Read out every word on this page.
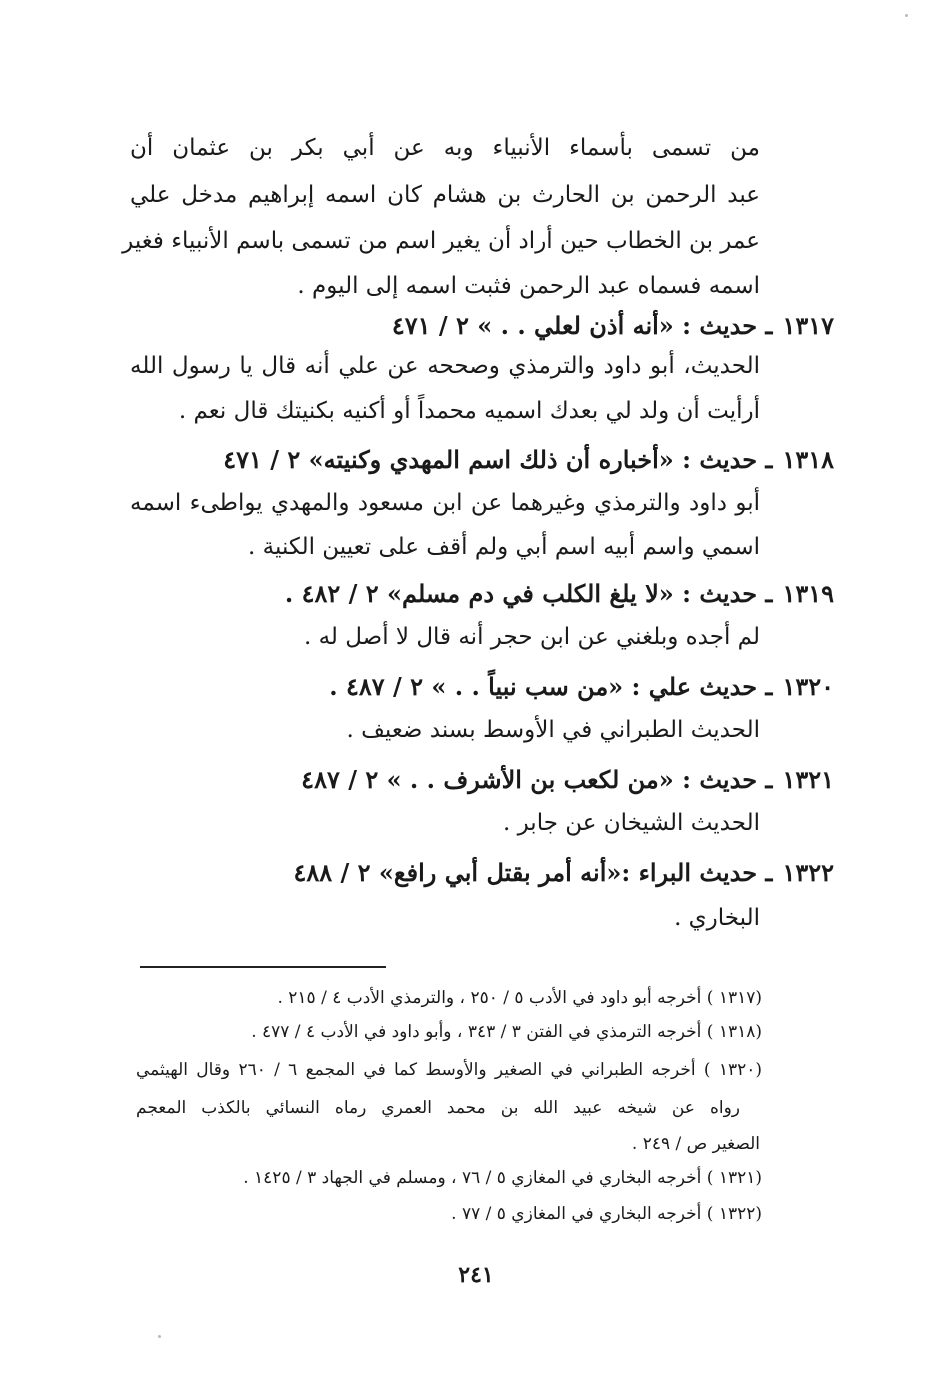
من تسمى بأسماء الأنبياء وبه عن أبي بكر بن عثمان أن
عبد الرحمن بن الحارث بن هشام كان اسمه إبراهيم مدخل علي
عمر بن الخطاب حين أراد أن يغير اسم من تسمى باسم الأنبياء فغير
اسمه فسماه عبد الرحمن فثبت اسمه إلى اليوم .
١٣١٧ـ حديث : «أنه أذن لعلي . . » ٢ / ٤٧١
الحديث، أبو داود والترمذي وصححه عن علي أنه قال يا رسول الله
أرأيت أن ولد لي بعدك اسميه محمداً أو أكنيه بكنيتك قال نعم .
١٣١٨ـ حديث : «أخباره أن ذلك اسم المهدي وكنيته» ٢ / ٤٧١
أبو داود والترمذي وغيرهما عن ابن مسعود والمهدي يواطىء اسمه
اسمي واسم أبيه اسم أبي ولم أقف على تعيين الكنية .
١٣١٩ـ حديث : «لا يلغ الكلب في دم مسلم» ٢ / ٤٨٢ .
لم أجده وبلغني عن ابن حجر أنه قال لا أصل له .
١٣٢٠ـ حديث علي : «من سب نبياً . . » ٢ / ٤٨٧ .
الحديث الطبراني في الأوسط بسند ضعيف .
١٣٢١ـ حديث : «من لكعب بن الأشرف . . » ٢ / ٤٨٧
الحديث الشيخان عن جابر .
١٣٢٢ـ حديث البراء :«أنه أمر بقتل أبي رافع» ٢ / ٤٨٨
البخاري .
(١٣١٧ ) أخرجه أبو داود في الأدب ٥ / ٢٥٠ ، والترمذي الأدب ٤ / ٢١٥ .
(١٣١٨ ) أخرجه الترمذي في الفتن ٣ / ٣٤٣ ، وأبو داود في الأدب ٤ / ٤٧٧ .
(١٣٢٠ ) أخرجه الطبراني في الصغير والأوسط كما في المجمع ٦ / ٢٦٠ وقال الهيثمي
رواه عن شيخه عبيد الله بن محمد العمري رماه النسائي بالكذب المعجم
الصغير ص / ٢٤٩ .
(١٣٢١ ) أخرجه البخاري في المغازي ٥ / ٧٦ ، ومسلم في الجهاد ٣ / ١٤٢٥ .
(١٣٢٢ ) أخرجه البخاري في المغازي ٥ / ٧٧ .
٢٤١
